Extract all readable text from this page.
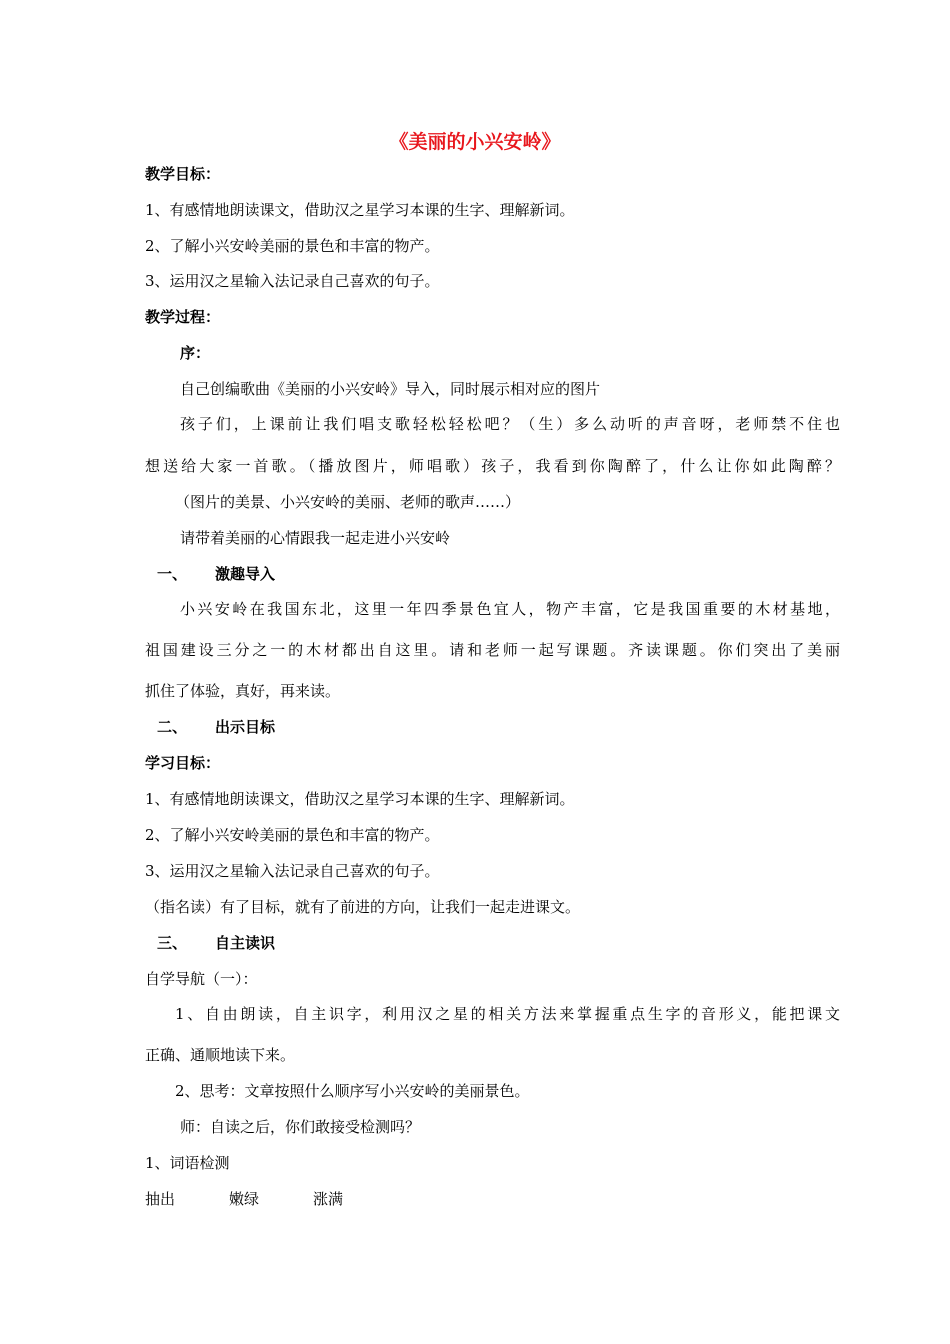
《美丽的小兴安岭》
教学目标：
1、有感情地朗读课文，借助汉之星学习本课的生字、理解新词。
2、了解小兴安岭美丽的景色和丰富的物产。
3、运用汉之星输入法记录自己喜欢的句子。
教学过程：
序：
自己创编歌曲《美丽的小兴安岭》导入，同时展示相对应的图片
孩子们，上课前让我们唱支歌轻松轻松吧？（生）多么动听的声音呀，老师禁不住也
想送给大家一首歌。（播放图片，师唱歌）孩子，我看到你陶醉了，什么让你如此陶醉？
（图片的美景、小兴安岭的美丽、老师的歌声……）
请带着美丽的心情跟我一起走进小兴安岭
一、 激趣导入
小兴安岭在我国东北，这里一年四季景色宜人，物产丰富，它是我国重要的木材基地，
祖国建设三分之一的木材都出自这里。请和老师一起写课题。齐读课题。你们突出了美丽
抓住了体验，真好，再来读。
二、 出示目标
学习目标：
1、有感情地朗读课文，借助汉之星学习本课的生字、理解新词。
2、了解小兴安岭美丽的景色和丰富的物产。
3、运用汉之星输入法记录自己喜欢的句子。
（指名读）有了目标，就有了前进的方向，让我们一起走进课文。
三、 自主读识
自学导航（一）：
1、自由朗读，自主识字，利用汉之星的相关方法来掌握重点生字的音形义，能把课文
正确、通顺地读下来。
2、思考：文章按照什么顺序写小兴安岭的美丽景色。
师：自读之后，你们敢接受检测吗？
1、词语检测
抽出	嫩绿	涨满
